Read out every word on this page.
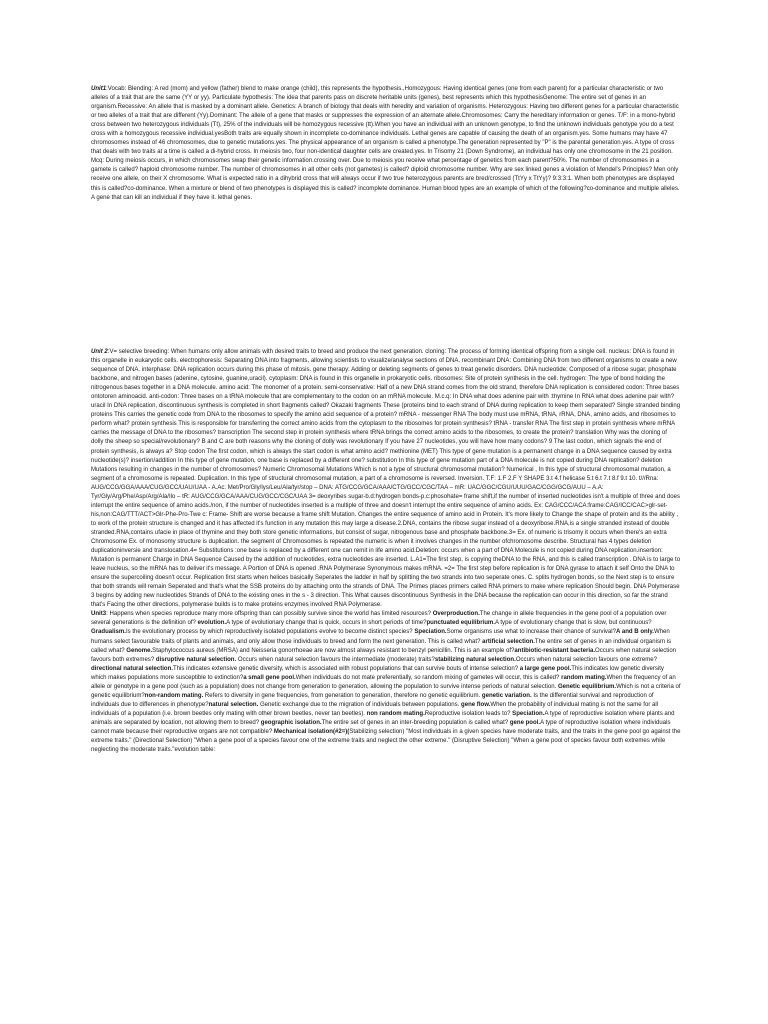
Unit1:Vocab: Blending: A red (mom) and yellow (father) blend to make orange (child), this represents the hypothesis.,Homozygous: Having identical genes (one from each parent) for a particular characteristic or two alleles of a trait that are the same (YY or yy). Particulate hypothesis: The idea that parents pass on discrete heritable units (genes), best represents which this hypothesisGenome: The entire set of genes in an organism.Recessive: An allele that is masked by a dominant allele. Genetics: A branch of biology that deals with heredity and variation of organisms. Heterozygous: Having two different genes for a particular characteristic or two alleles of a trait that are different (Yy).Dominant: The allele of a gene that masks or suppresses the expression of an alternate allele.Chromosomes: Carry the hereditary information or genes. T/F: in a mono-hybrid cross between two heterozygous individuals (Tt), 25% of the individuals will be homozygous recessive (tt).When you have an individual with an unknown genotype, to find the unknown individuals genotype you do a test cross with a homozygous recessive individual.yesBoth traits are equally shown in incomplete co-dominance individuals. Lethal genes are capable of causing the death of an organism.yes. Some humans may have 47 chromosomes instead of 46 chromosomes, due to genetic mutations.yes. The physical appearance of an organism is called a phenotype.The generation represented by "P" is the parental generation.yes. A type of cross that deals with two traits at a time is called a di-hybrid cross. In meiosis two, four non-identical daughter cells are created.yes. In Trisomy 21 (Down Syndrome), an individual has only one chromosome in the 21 position. Mcq: During meiosis occurs, in which chromosomes swap their genetic information.crossing over. Due to meiosis you receive what percentage of genetics from each parent?50%. The number of chromosomes in a gamete is called? haploid chromosome number. The number of chromosomes in all other cells (not gametes) is called? diploid chromosome number. Why are sex linked genes a violation of Mendel's Principles? Men only receive one allele, on their X chromosome. What is expected ratio in a dihybrid cross that will always occur if two true heterozygous parents are bred/crossed (TtYy x TtYy)? 9:3:3:1. When both phenotypes are displayed this is called?co-dominance. When a mixture or blend of two phenotypes is displayed this is called? incomplete dominance. Human blood types are an example of which of the following?co-dominance and multiple alleles. A gene that can kill an individual if they have it. lethal genes.
Unit 2:V= selective breeding: When humans only allow animals with desired traits to breed and produce the next generation. cloning: The process of forming identical offspring from a single cell. nucleus: DNA is found in this organelle in eukaryotic cells. electrophoresis: Separating DNA into fragments, allowing scientists to visualize/analyse sections of DNA. recombinant DNA: Combining DNA from two different organisms to create a new sequence of DNA. interphase: DNA replication occurs during this phase of mitosis. gene therapy: Adding or deleting segments of genes to treat genetic disorders. DNA nucleotide: Composed of a ribose sugar, phosphate backbone, and nitrogen bases (adenine, cytosine, guanine,uracil). cytoplasm: DNA is found in this organelle in prokaryotic cells. ribosomes: Site of protein synthesis in the cell. hydrogen: The type of bond holding the nitrogenous bases together in a DNA molecule. amino acid: The monomer of a protein. semi-conservative: Half of a new DNA strand comes from the old strand, therefore DNA replication is considered codon: Three bases ontotoren aminoacid. anti-codon: Three bases on a tRNA molecule that are complementary to the codon on an mRNA molecule. M.c.q: In DNA what does adenine pair with :thymine In RNA what does adenine pair with? uracil In DNA replication, discontinuous synthesis is completed in short fragments called? Okazaki fragments These (proteins bind to each strand of DNA during replication to keep them separated? Single stranded binding proteins This carries the genetic code from DNA to the ribosomes to specify the amino acid sequence of a protein? mRNA - messenger RNA The body must use mRNA, tRNA, rRNA, DNA, amino acids, and ribosomes to perform what? protein synthesis This is responsible for transferring the correct amino acids from the cytoplasm to the ribosomes for protein synthesis? tRNA - transfer RNA The first step in protein synthesis where mRNA carries the message of DNA to the ribosomes? transcription The second step in protein synthesis where tRNA brings the correct amino acids to the ribosomes, to create the protein? translation Why was the cloning of dolly the sheep so special/revolutionary? B and C are both reasons why the cloning of dolly was revolutionary If you have 27 nucleotides, you will have how many codons? 9 The last codon, which signals the end of protein synthesis, is always a? Stop codon The first codon, which is always the start codon is what amino acid? methionine (MET) This type of gene mutation is a permanent change in a DNA sequence caused by extra nucleotide(s)? insertion/addition In this type of gene mutation, one base is replaced by a different one? substitution In this type of gene mutation part of a DNA molecule is not copied during DNA replication? deletion Mutations resulting in changes in the number of chromosomes? Numeric Chromosomal Mutations Which is not a type of structural chromosomal mutation? Numerical , In this type of structural chromosomal mutation, a segment of a chromosome is repeated. Duplication. In this type of structural chromosomal mutation, a part of a chromosome is reversed. Inversion. T.F: 1.F 2.F Y SHAPE 3.t 4.f helicase 5.t 6.t 7.t 8.f 9.t 10. t///Rna: AUG/CCG/GGA/AAA/CUG/GCC/UAU/UAA - A.Ac: Met/Pro/Gly/lys/Leu/Ala/tyr/stop – DNA: ATG/CCG/GCA/AAA/CTG/GCC/CGC/TAA – mR: UAC/GGC/CGU/UUU/GAC/CGG/GCG/AUU – A.A: Tyr/Gly/Arg/Phe/Asp/Arg/Ala/Ilo – tR: AUG/CCG/GCA/AAA/CUG/GCC/CGC/UAA 3= deoxyribes sugar-b.d:hydrogen bonds-p.c:phosohate= frame shift,if the number of inserted nucleotides isn't a multiple of three and does interrupt the entire sequence of amino acids./non, if the number of nucleotides inserted is a multiple of three and doesn't interrupt the entire sequence of amino acids. Ex: CAG/CCC/ACA:frame:CAG/ICC/CAC>glr-set-his,non:CAG/TTT/ACT>Glr-Phe-Pro-Twe c: Frame- Shift are worse because a frame shift Mutation. Changes the entire sequence of amino acid in Protein. It's more likely to Change the shape of protein and its the ability , to work of the protein structure is changed and it has affected it's function in any mutation this may large a disease.2.DNA, contains the ribose sugar instead of a deoxyribose.RNA,is a single stranded instead of double stranded.RNA,contains ufacie in place of thymine and they both store genetic informations, but consist of sugar, nitrogenous base and phosphate backbone.3= Ex. of numeric is trisomy it occurs when there's an extra Chromosome Ex. of monosomy structure is duplication. the segment of Chromosomes is repeated the numeric is when it involves changes in the number ofchromosome describe. Structural has 4 types deletion duplicationinversie and translocation.4= Substitutions :one base is replaced by a different one can remit in life amino acid.Deletion: occurs when a part of DNA Molecule is not copied during DNA replication.insertion: Mutation is permanent Charge in DNA Sequence Caused by the addition of nucleotides, extra nucleotides are inserted. L.A1=The first step, is copying theDNA to the RNA, and this is called transcription . DNA is to large to leave nucleus, so the mRNA has to deliver it's message. A Portion of DNA is opened .RNA Polymerase Synonymous makes mRNA. =2= The first step before replication is for DNA gyrase to attach it self Onto the DNA to ensure the supercoiling doesn't occur. Replication first starts when helices basically Seperates the ladder in half by splitting the two strands into two seperate ones. C. splits hydrogen bonds, so the Next step is to ensure that both strands will remain Seperated and that's what the SSB proteins do by attaching onto the strands of DNA. The Primes places primers called RNA primers to make where replication Should begin. DNA Polymerase 3 begins by adding new nucleotides Strands of DNA to the existing ones in the s - 3 direction. This What causes discontinuous Synthesis in the DNA because the replication can occur in this direction, so far the strand that's Facing the other directions, polymerase builds is to make proteins enzymes involved RNA Polymerase.
Unit3: Happens when species reproduce many more offspring than can possibly survive since the world has limited resources? Overproduction.The change in allele frequencies in the gene pool of a population over several generations is the definition of? evolution.A type of evolutionary change that is quick, occurs in short periods of time?punctuated equilibrium.A type of evolutionary change that is slow, but continuous? Gradualism.Is the evolutionary process by which reproductively isolated populations evolve to become distinct species? Speciation.Some organisms use what to increase their chance of survival?A and B only.When humans select favourable traits of plants and animals, and only allow those individuals to breed and form the next generation. This is called what? artificial selection.The entire set of genes in an individual organism is called what? Genome.Staphylococcus aureus (MRSA) and Neisseria gonorrhoeae are now almost always resistant to benzyl penicillin. This is an example of?antibiotic-resistant bacteria.Occurs when natural selection favours both extremes? disruptive natural selection. Occurs when natural selection favours the intermediate (moderate) traits?stabilizing natural selection.Occurs when natural selection favours one extreme? directional natural selection.This indicates extensive genetic diversity, which is associated with robust populations that can survive bouts of intense selection? a large gene pool.This indicates low genetic diversity which makes populations more susceptible to extinction?a small gene pool.When individuals do not mate preferentially, so random mixing of gametes will occur, this is called? random mating.When the frequency of an allele or genotype in a gene pool (such as a population) does not change from generation to generation, allowing the population to survive intense periods of natural selection. Genetic equilibrium.Which is not a criteria of genetic equilibrium?non-random mating. Refers to diversity in gene frequencies, from generation to generation, therefore no genetic equilibrium. genetic variation. Is the differential survival and reproduction of individuals due to differences in phenotype?natural selection. Genetic exchange due to the migration of individuals between populations. gene flow.When the probability of individual mating is not the same for all individuals of a population (i.e. brown beetles only mating with other brown beetles, never tan beetles). non random mating.Reproductive isolation leads to? Speciation.A type of reproductive isolation where plants and animals are separated by location, not allowing them to breed? geographic isolation.The entire set of genes in an inter-breeding population is called what? gene pool.A type of reproductive isolation where individuals cannot mate because their reproductive organs are not compatible? Mechanical isolation(#2=)(Stabilizing selection) "Most individuals in a given species have moderate traits, and the traits in the gene pool go against the extreme traits." (Directional Selection) "When a gene pool of a species favour one of the extreme traits and neglect the other extreme." (Disruptive Selection) "When a gene pool of species favour both extremes while neglecting the moderate traits."evolution table:
